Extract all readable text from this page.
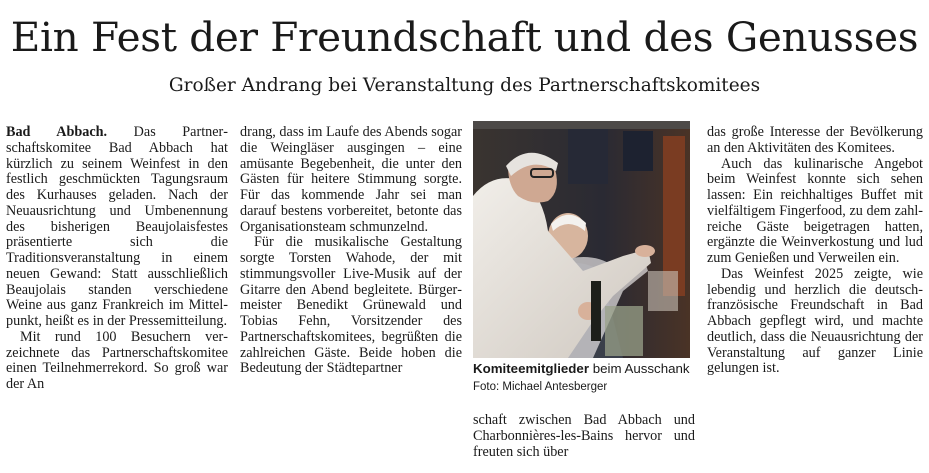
Ein Fest der Freundschaft und des Genusses
Großer Andrang bei Veranstaltung des Partnerschaftskomitees

Bad Abbach. Das Partnerschaftskomitee Bad Abbach hat kürzlich zu seinem Weinfest in den festlich geschmückten Tagungsraum des Kurhauses geladen. Nach der Neuausrichtung und Umbenennung des bisherigen Beaujolaisfestes präsentierte sich die Traditionsveranstaltung in einem neuen Gewand: Statt ausschließlich Beaujolais standen verschiedene Weine aus ganz Frankreich im Mittelpunkt, heißt es in der Pressemitteilung.

Mit rund 100 Besuchern verzeichnete das Partnerschaftskomitee einen Teilnehmerrekord. So groß war der An

drang, dass im Laufe des Abends sogar die Weingläser ausgingen – eine amüsante Begebenheit, die unter den Gästen für heitere Stimmung sorgte. Für das kommende Jahr sei man darauf bestens vorbereitet, betonte das Organisationsteam schmunzelnd.

Für die musikalische Gestaltung sorgte Torsten Wahode, der mit stimmungsvoller Live-Musik auf der Gitarre den Abend begleitete. Bürgermeister Benedikt Grünewald und Tobias Fehn, Vorsitzender des Partnerschaftskomitees, begrüßten die zahlreichen Gäste. Beide hoben die Bedeutung der Städtepartner	Komiteemitglieder beim Ausschank Foto: Michael Antesberger

schaft zwischen Bad Abbach und Charbonnières-les-Bains hervor und freuten sich über

das große Interesse der Bevölkerung an den Aktivitäten des Komitees.

Auch das kulinarische Angebot beim Weinfest konnte sich sehen lassen: Ein reichhaltiges Buffet mit vielfältigem Fingerfood, zu dem zahlreiche Gäste beigetragen hatten, ergänzte die Weinverkostung und lud zum Genießen und Verweilen ein.

Das Weinfest 2025 zeigte, wie lebendig und herzlich die deutsch-französische Freundschaft in Bad Abbach gepflegt wird, und machte deutlich, dass die Neuausrichtung der Veranstaltung auf ganzer Linie gelungen ist.
